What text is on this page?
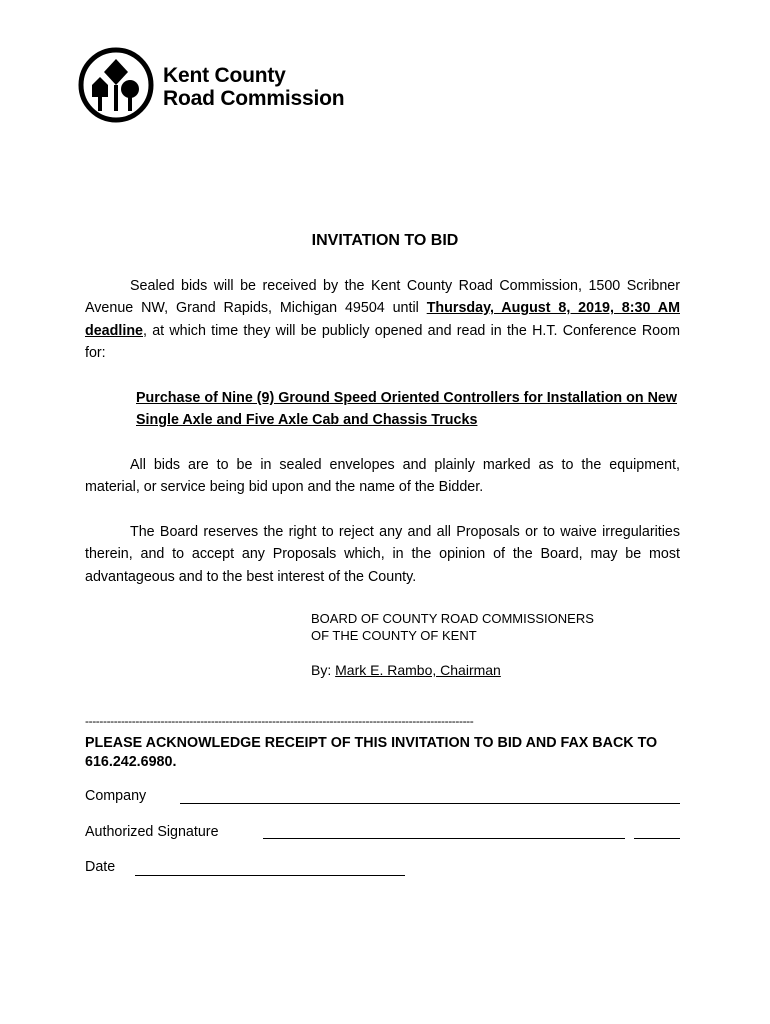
Kent County
Road Commission
INVITATION TO BID
Sealed bids will be received by the Kent County Road Commission, 1500 Scribner Avenue NW, Grand Rapids, Michigan 49504 until Thursday, August 8, 2019, 8:30 AM deadline, at which time they will be publicly opened and read in the H.T. Conference Room for:
Purchase of Nine (9) Ground Speed Oriented Controllers for Installation on New Single Axle and Five Axle Cab and Chassis Trucks
All bids are to be in sealed envelopes and plainly marked as to the equipment, material, or service being bid upon and the name of the Bidder.
The Board reserves the right to reject any and all Proposals or to waive irregularities therein, and to accept any Proposals which, in the opinion of the Board, may be most advantageous and to the best interest of the County.
BOARD OF COUNTY ROAD COMMISSIONERS
OF THE COUNTY OF KENT
By: Mark E. Rambo, Chairman
------------------------------------------------------------------------------------------------------------
PLEASE ACKNOWLEDGE RECEIPT OF THIS INVITATION TO BID AND FAX BACK TO 616.242.6980.
Company
Authorized Signature
Date
